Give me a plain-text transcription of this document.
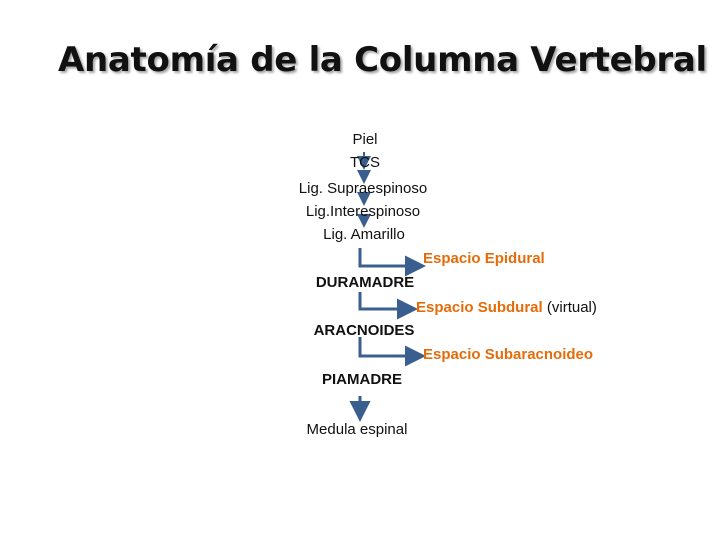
Anatomía de la Columna Vertebral
Piel
TCS
Lig. Supraespinoso
Lig.Interespinoso
Lig. Amarillo
Espacio Epidural
DURAMADRE
Espacio Subdural (virtual)
ARACNOIDES
Espacio Subaracnoideo
PIAMADRE
Medula espinal
